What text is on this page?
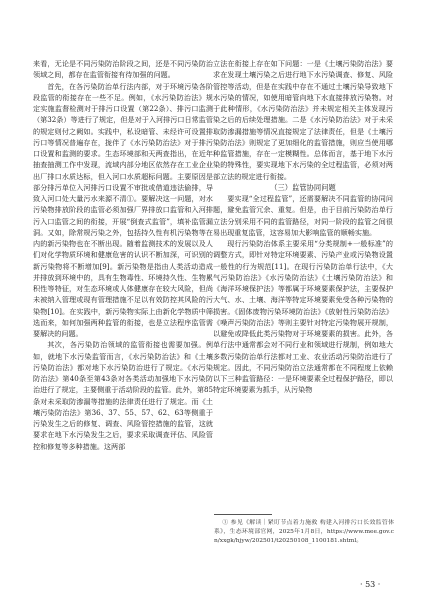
来看，无论是不同污染防治阶段之间，还是不同污染防治领域之间，都存在监管衔接有待加强的问题。

首先，在各污染防治单行法内部，对于环境污染各阶段监管的衔接存在一些不足。例如，《水污染防治法》规定实施监督检测对于排污口设置（第22条）、排污口监测（第32条）等进行了规定，但是对于入河排污口日常监管的规定则付之阙如。实践中，私设暗管、未经许可设置排污口等情况普遍存在，拢伴了《水污染防治法》对于排污口设置和监测的要求。生态环境部和天两查指出，在近年抽查抽测工作中发现，流域内部分地区依然存在工业企业出厂排口水质达标，但入河口水质超标问题。主要原因是部分排污单位入河排污口设置不审批或借道违法偷排，导致入河口处大量污水来源不清①。要解决这一问题，对水污染物排放阶段的监管必须加强厂界排放口监管和入河排污入口监管之间的衔接，开展“倒查式监管”，填补监管漏洞。又如，除常规污染之外，包括持久性有机污染物等在内的新污染物也在不断出现。随着监测技术的发展以及人们对化学物质环境和健康危害的认识不断加深，可识别的新污染物将不断增加[9]。新污染物是指由人类活动造成并排放到环境中的，具有生物毒性、环境持久性、生物累积性等特征，对生态环境或人体健康存在较大风险，但尚未被纳入管理或现有管理措施不足以有效防控其风险的污染物[10]。在实践中，新污染物实际上由新化学物质中筛选而来，如何加强两种监管的衔接，也是立法程序监管需要解决的问题。

其次，各污染防治领域的监管衔接也需要加强。例如，就地下水污染监管而言，《水污染防治法》和《土壤污染防治法》都对地下水污染防治进行了规定。《水污染防治法》第40条至第43条对各类活动加强地下水污染防治进行了规定，主要侧重于活动阶段的监管。此外，第85条对未采取防渗漏等措施的法律责任进行了规定。而《土壤污染防治法》第36、37、55、57、62、63等侧重于污染发生之后的修复、调查、风险管控措施的监管，这就要求在地下水污染发生之后，要求采取调查评估、风险管控和修复等多种措施。这两部

立法在衔接上存在如下问题：一是《土壤污染防治法》要求在发现土壤污染之后进行地下水污染调查、修复、风险管控等活动，但是在实践中存在不通过土壤污染导致地下水污染的情况，如使用暗管向地下水直接排放污染物。对于此种情形，《水污染防治法》并未规定相关主体发现污染之后的后续处理措施。二是《水污染防治法》对于未采取防渗漏措施等情况直接规定了法律责任，但是《土壤污染防治法》则规定了更加细化的监管措施，则应当使用哪种监管措施，存在一定模糊性。总体而言，基于地下水污染的特殊性，要实现地下水污染的全过程监管，必须对两部立法的规定进行衔接。

（三）监管协同问题

要实现“全过程监管”，还需要解决不同监管的协同问题，避免监管冗余、重复。但是，由于目前污染防治单行立法分别采用不同的监管路径，对同一阶段的监管之间很易出现重复监管，这容易加大影响监管的顺畅实施。

现行污染防治体系主要采用“分类规制+一般标准”的调整方式，即针对特定环境要素、污染产业或污染物设置一般性的行为规范[11]。在现行污染防治单行法中，《大气污染防治法》《水污染防治法》《土壤污染防治法》和《海洋环境保护法》等都属于环境要素保护法，主要保护大气、水、土壤、海洋等特定环境要素免受各种污染物的损害。《固体废物污染环境防治法》《放射性污染防治法》《噪声污染防治法》等则主要针对特定污染物展开规制，以避免或降低此类污染物对于环境要素的损害。此外，各单行法中通常都会对不同行业和领域进行规制，例如地大多数污染防治单行法都对工业、农业活动污染防治进行了规定。因此，不同污染防治立法通常都在不同程度上依赖以下三种监管路径：一是环境要素全过程保护路径，即以特定环境要素为抓手，从污染物

① 参见《解读｜紧盯节点着力施救 构建入河排污口长效监管体系》，生态环境部官网，2025年1月8日，https://www.mee.gov.cn/xxgk/hjyw/202501/t20250108_1100181.shtml。

· 53 ·
